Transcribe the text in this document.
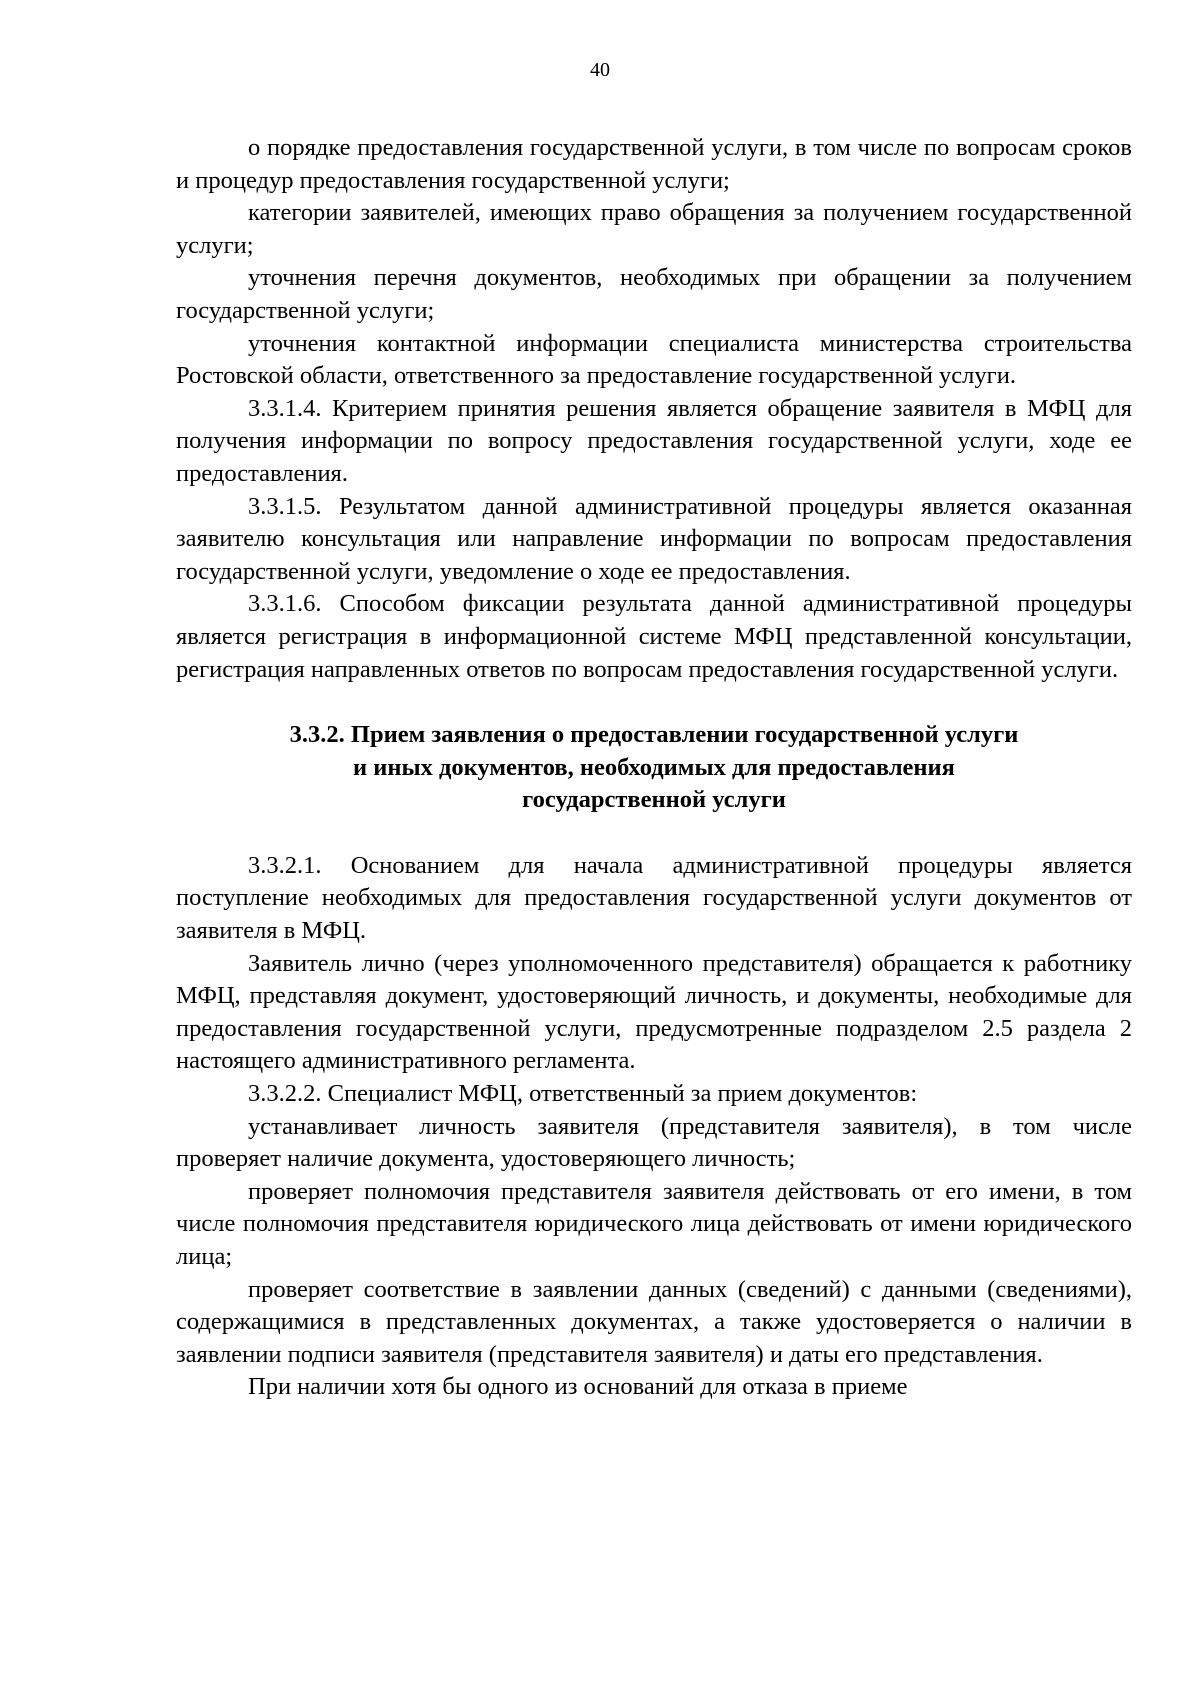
40

о порядке предоставления государственной услуги, в том числе по вопросам сроков и процедур предоставления государственной услуги;

категории заявителей, имеющих право обращения за получением государственной услуги;

уточнения перечня документов, необходимых при обращении за получением государственной услуги;

уточнения контактной информации специалиста министерства строительства Ростовской области, ответственного за предоставление государственной услуги.

3.3.1.4. Критерием принятия решения является обращение заявителя в МФЦ для получения информации по вопросу предоставления государственной услуги, ходе ее предоставления.

3.3.1.5. Результатом данной административной процедуры является оказанная заявителю консультация или направление информации по вопросам предоставления государственной услуги, уведомление о ходе ее предоставления.

3.3.1.6. Способом фиксации результата данной административной процедуры является регистрация в информационной системе МФЦ представленной консультации, регистрация направленных ответов по вопросам предоставления государственной услуги.

3.3.2. Прием заявления о предоставлении государственной услуги
и иных документов, необходимых для предоставления
государственной услуги

3.3.2.1. Основанием для начала административной процедуры является поступление необходимых для предоставления государственной услуги документов от заявителя в МФЦ.

Заявитель лично (через уполномоченного представителя) обращается к работнику МФЦ, представляя документ, удостоверяющий личность, и документы, необходимые для предоставления государственной услуги, предусмотренные подразделом 2.5 раздела 2 настоящего административного регламента.

3.3.2.2. Специалист МФЦ, ответственный за прием документов:

устанавливает личность заявителя (представителя заявителя), в том числе проверяет наличие документа, удостоверяющего личность;

проверяет полномочия представителя заявителя действовать от его имени, в том числе полномочия представителя юридического лица действовать от имени юридического лица;

проверяет соответствие в заявлении данных (сведений) с данными (сведениями), содержащимися в представленных документах, а также удостоверяется о наличии в заявлении подписи заявителя (представителя заявителя) и даты его представления.

При наличии хотя бы одного из оснований для отказа в приеме
